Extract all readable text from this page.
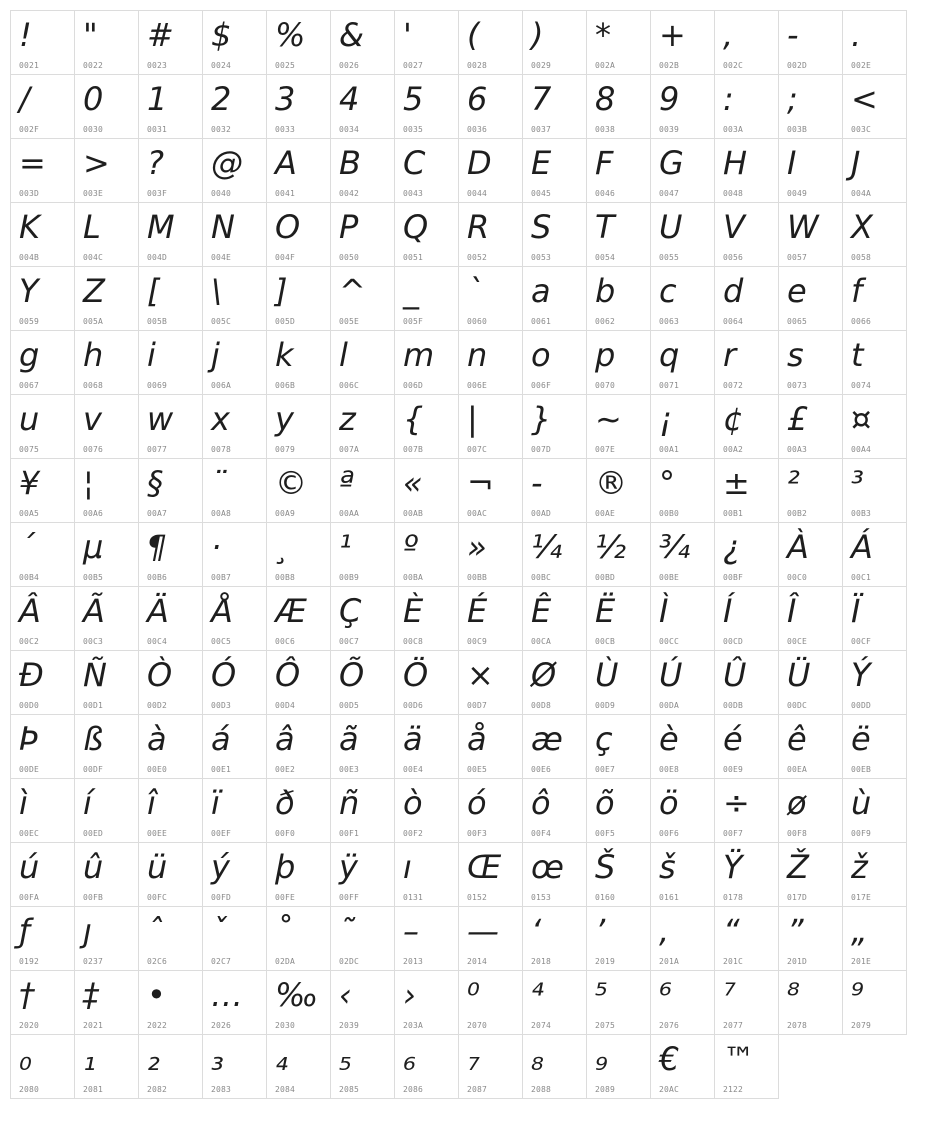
!
0021
"
0022
#
0023
$
0024
%
0025
&
0026
'
0027
(
0028
)
0029
*
002A
+
002B
,
002C
-
002D
.
002E
/
002F
0
0030
1
0031
2
0032
3
0033
4
0034
5
0035
6
0036
7
0037
8
0038
9
0039
:
003A
;
003B
<
003C
=
003D
>
003E
?
003F
@
0040
A
0041
B
0042
C
0043
D
0044
E
0045
F
0046
G
0047
H
0048
I
0049
J
004A
K
004B
L
004C
M
004D
N
004E
O
004F
P
0050
Q
0051
R
0052
S
0053
T
0054
U
0055
V
0056
W
0057
X
0058
Y
0059
Z
005A
[
005B
\
005C
]
005D
^
005E
_
005F
`
0060
a
0061
b
0062
c
0063
d
0064
e
0065
f
0066
g
0067
h
0068
i
0069
j
006A
k
006B
l
006C
m
006D
n
006E
o
006F
p
0070
q
0071
r
0072
s
0073
t
0074
u
0075
v
0076
w
0077
x
0078
y
0079
z
007A
{
007B
|
007C
}
007D
~
007E
¡
00A1
¢
00A2
£
00A3
¤
00A4
¥
00A5
¦
00A6
§
00A7
¨
00A8
©
00A9
ª
00AA
«
00AB
¬
00AC
-
00AD
®
00AE
°
00B0
±
00B1
²
00B2
³
00B3
´
00B4
µ
00B5
¶
00B6
·
00B7
¸
00B8
¹
00B9
º
00BA
»
00BB
¼
00BC
½
00BD
¾
00BE
¿
00BF
À
00C0
Á
00C1
Â
00C2
Ã
00C3
Ä
00C4
Å
00C5
Æ
00C6
Ç
00C7
È
00C8
É
00C9
Ê
00CA
Ë
00CB
Ì
00CC
Í
00CD
Î
00CE
Ï
00CF
Đ
00D0
Ñ
00D1
Ò
00D2
Ó
00D3
Ô
00D4
Õ
00D5
Ö
00D6
×
00D7
Ø
00D8
Ù
00D9
Ú
00DA
Û
00DB
Ü
00DC
Ý
00DD
Þ
00DE
ß
00DF
à
00E0
á
00E1
â
00E2
ã
00E3
ä
00E4
å
00E5
æ
00E6
ç
00E7
è
00E8
é
00E9
ê
00EA
ë
00EB
ì
00EC
í
00ED
î
00EE
ï
00EF
ð
00F0
ñ
00F1
ò
00F2
ó
00F3
ô
00F4
õ
00F5
ö
00F6
÷
00F7
ø
00F8
ù
00F9
ú
00FA
û
00FB
ü
00FC
ý
00FD
þ
00FE
ÿ
00FF
ı
0131
Œ
0152
œ
0153
Š
0160
š
0161
Ÿ
0178
Ž
017D
ž
017E
ƒ
0192
ȷ
0237
ˆ
02C6
ˇ
02C7
˚
02DA
˜
02DC
–
2013
—
2014
‘
2018
’
2019
‚
201A
“
201C
”
201D
„
201E
†
2020
‡
2021
•
2022
…
2026
‰
2030
‹
2039
›
203A
⁰
2070
⁴
2074
⁵
2075
⁶
2076
⁷
2077
⁸
2078
⁹
2079
₀
2080
₁
2081
₂
2082
₃
2083
₄
2084
₅
2085
₆
2086
₇
2087
₈
2088
₉
2089
€
20AC
™
2122
